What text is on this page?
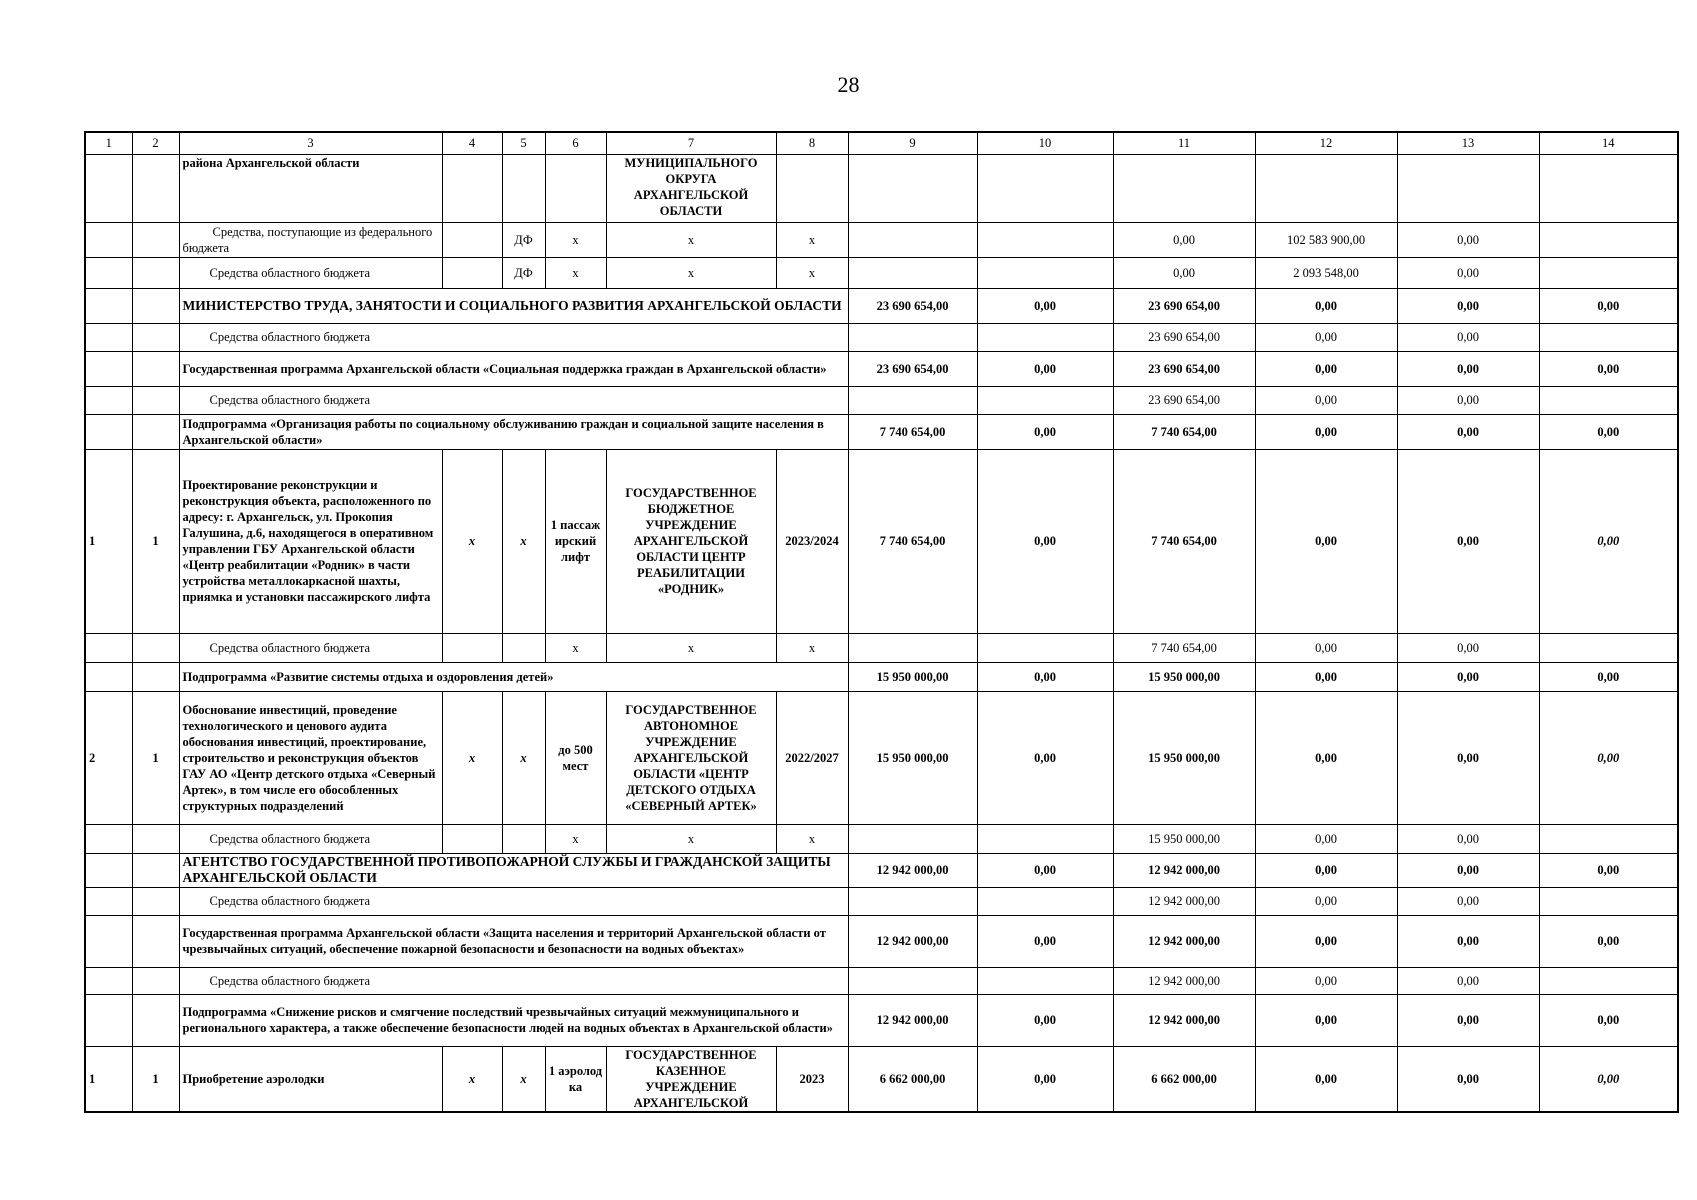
28
1	2	3	4	5	6	7	8	9	10	11	12	13	14
		района Архангельской области				МУНИЦИПАЛЬНОГО ОКРУГА АРХАНГЕЛЬСКОЙ ОБЛАСТИ							
		Средства, поступающие из федерального бюджета		ДФ	х	х	х			0,00	102 583 900,00	0,00	
		Средства областного бюджета		ДФ	х	х	х			0,00	2 093 548,00	0,00	
		МИНИСТЕРСТВО ТРУДА, ЗАНЯТОСТИ И СОЦИАЛЬНОГО РАЗВИТИЯ АРХАНГЕЛЬСКОЙ ОБЛАСТИ						23 690 654,00	0,00	23 690 654,00	0,00	0,00	0,00
		Средства областного бюджета								23 690 654,00	0,00	0,00	
		Государственная программа Архангельской области «Социальная поддержка граждан в Архангельской области»						23 690 654,00	0,00	23 690 654,00	0,00	0,00	0,00
		Средства областного бюджета								23 690 654,00	0,00	0,00	
		Подпрограмма «Организация работы по социальному обслуживанию граждан и социальной защите населения в Архангельской области»						7 740 654,00	0,00	7 740 654,00	0,00	0,00	0,00
1	1	Проектирование реконструкции и реконструкция объекта, расположенного по адресу: г. Архангельск, ул. Прокопия Галушина, д.6, находящегося в оперативном управлении ГБУ Архангельской области «Центр реабилитации «Родник» в части устройства металлокаркасной шахты, приямка и установки пассажирского лифта	х	х	1 пассаж ирский лифт	ГОСУДАРСТВЕННОЕ БЮДЖЕТНОЕ УЧРЕЖДЕНИЕ АРХАНГЕЛЬСКОЙ ОБЛАСТИ ЦЕНТР РЕАБИЛИТАЦИИ «РОДНИК»	2023/2024	7 740 654,00	0,00	7 740 654,00	0,00	0,00	0,00
		Средства областного бюджета			х	х	х			7 740 654,00	0,00	0,00	
		Подпрограмма «Развитие системы отдыха и оздоровления детей»						15 950 000,00	0,00	15 950 000,00	0,00	0,00	0,00
2	1	Обоснование инвестиций, проведение технологического и ценового аудита обоснования инвестиций, проектирование, строительство и реконструкция объектов ГАУ АО «Центр детского отдыха «Северный Артек», в том числе его обособленных структурных подразделений	х	х	до 500 мест	ГОСУДАРСТВЕННОЕ АВТОНОМНОЕ УЧРЕЖДЕНИЕ АРХАНГЕЛЬСКОЙ ОБЛАСТИ «ЦЕНТР ДЕТСКОГО ОТДЫХА «СЕВЕРНЫЙ АРТЕК»	2022/2027	15 950 000,00	0,00	15 950 000,00	0,00	0,00	0,00
		Средства областного бюджета			х	х	х			15 950 000,00	0,00	0,00	
		АГЕНТСТВО ГОСУДАРСТВЕННОЙ ПРОТИВОПОЖАРНОЙ СЛУЖБЫ И ГРАЖДАНСКОЙ ЗАЩИТЫ АРХАНГЕЛЬСКОЙ ОБЛАСТИ						12 942 000,00	0,00	12 942 000,00	0,00	0,00	0,00
		Средства областного бюджета								12 942 000,00	0,00	0,00	
		Государственная программа Архангельской области «Защита населения и территорий Архангельской области от чрезвычайных ситуаций, обеспечение пожарной безопасности и безопасности на водных объектах»						12 942 000,00	0,00	12 942 000,00	0,00	0,00	0,00
		Средства областного бюджета								12 942 000,00	0,00	0,00	
		Подпрограмма «Снижение рисков и смягчение последствий чрезвычайных ситуаций межмуниципального и регионального характера, а также обеспечение безопасности людей на водных объектах в Архангельской области»						12 942 000,00	0,00	12 942 000,00	0,00	0,00	0,00
1	1	Приобретение аэролодки	х	х	1 аэролод ка	ГОСУДАРСТВЕННОЕ КАЗЕННОЕ УЧРЕЖДЕНИЕ АРХАНГЕЛЬСКОЙ	2023	6 662 000,00	0,00	6 662 000,00	0,00	0,00	0,00
